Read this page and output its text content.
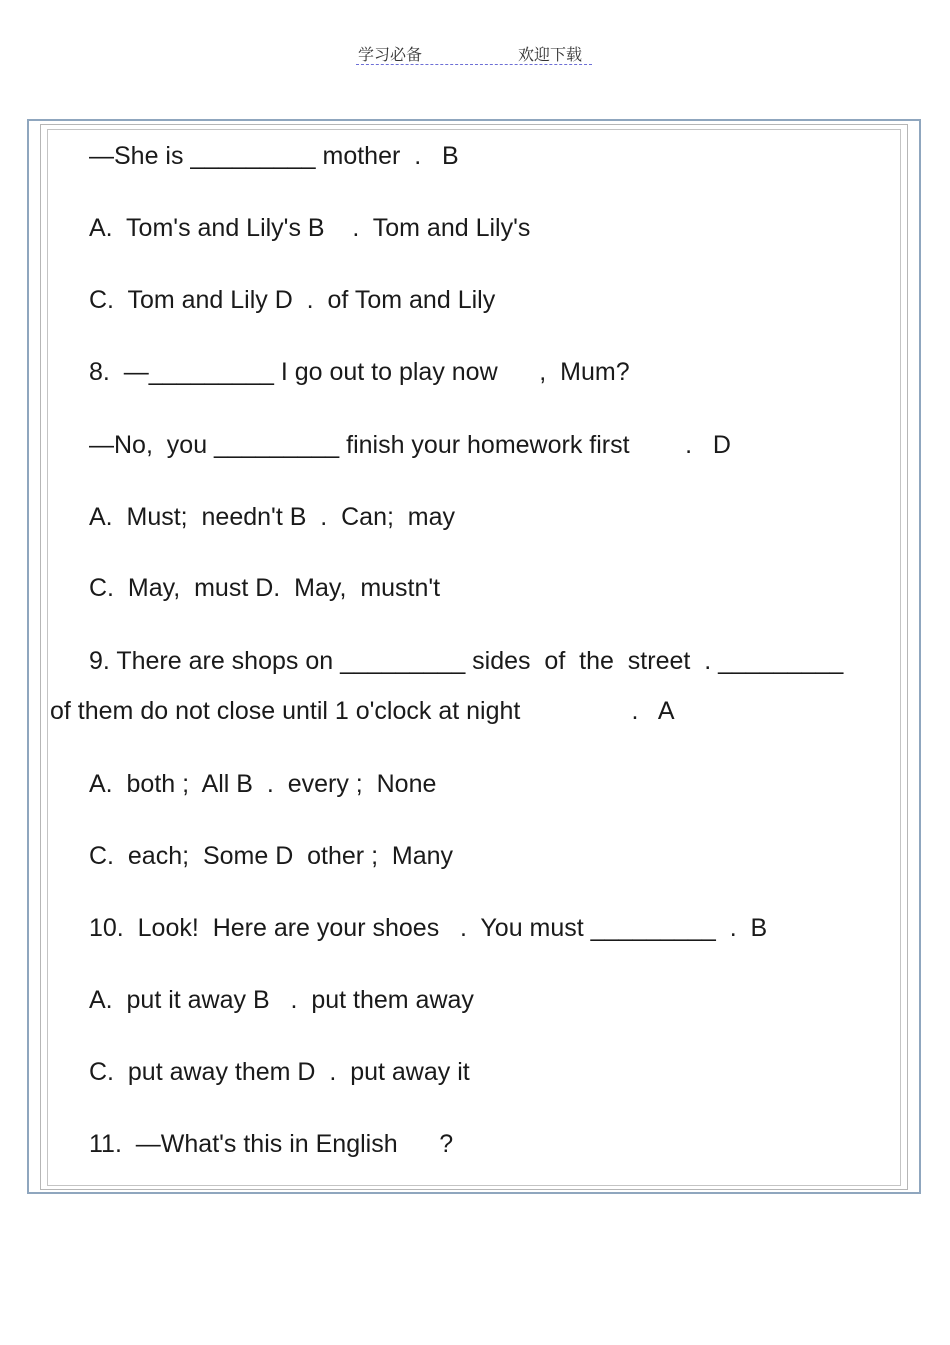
学习必备	欢迎下载
—She is _________ mother  .   B
A.  Tom's and Lily's B    .  Tom and Lily's
C.  Tom and Lily D  .  of Tom and Lily
8.  —_________ I go out to play now      ,  Mum?
—No,  you _________ finish your homework first        .   D
A.  Must;  needn't B  .  Can;  may
C.  May,  must D.  May,  mustn't
9. There are shops on _________ sides  of  the  street  . _________
of them do not close until 1 o'clock at night                .   A
A.  both ;  All B  .  every ;  None
C.  each;  Some D  other ;  Many
10.  Look!  Here are your shoes   .  You must _________  .  B
A.  put it away B   .  put them away
C.  put away them D  .  put away it
11.  —What's this in English      ?
